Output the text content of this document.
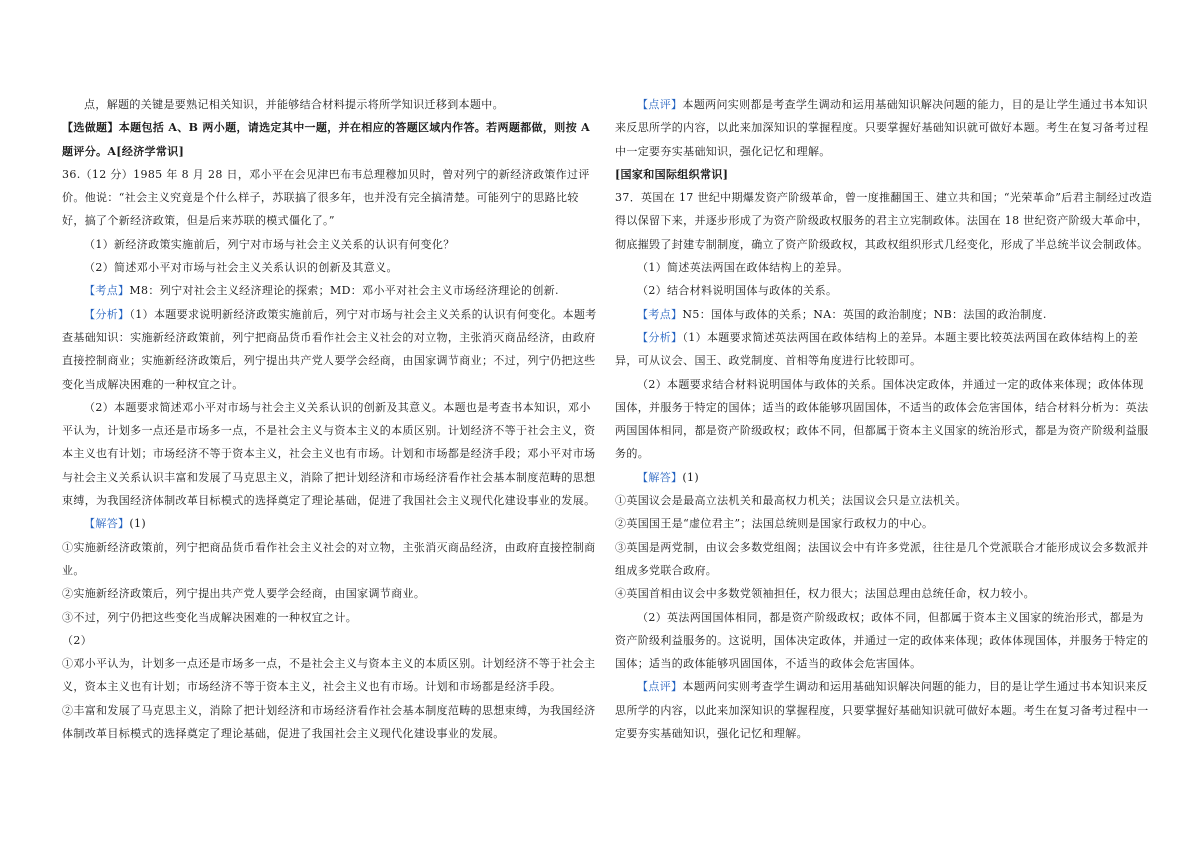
点，解题的关键是要熟记相关知识，并能够结合材料提示将所学知识迁移到本题中。

【选做题】本题包括 A、B 两小题，请选定其中一题，并在相应的答题区域内作答。若两题都做，则按 A 题评分。A[经济学常识]

36.（12 分）1985 年 8 月 28 日，邓小平在会见津巴布韦总理穆加贝时，曾对列宁的新经济政策作过评价。他说：“社会主义究竟是个什么样子，苏联搞了很多年，也并没有完全搞清楚。可能列宁的思路比较好，搞了个新经济政策，但是后来苏联的模式僵化了。”

（1）新经济政策实施前后，列宁对市场与社会主义关系的认识有何变化？

（2）简述邓小平对市场与社会主义关系认识的创新及其意义。

【考点】M8：列宁对社会主义经济理论的探索；MD：邓小平对社会主义市场经济理论的创新.

【分析】（1）本题要求说明新经济政策实施前后，列宁对市场与社会主义关系的认识有何变化。本题考查基础知识：实施新经济政策前，列宁把商品货币看作社会主义社会的对立物，主张消灭商品经济，由政府直接控制商业；实施新经济政策后，列宁提出共产党人要学会经商，由国家调节商业；不过，列宁仍把这些变化当成解决困难的一种权宜之计。

（2）本题要求简述邓小平对市场与社会主义关系认识的创新及其意义。本题也是考查书本知识，邓小平认为，计划多一点还是市场多一点，不是社会主义与资本主义的本质区别。计划经济不等于社会主义，资本主义也有计划；市场经济不等于资本主义，社会主义也有市场。计划和市场都是经济手段；邓小平对市场与社会主义关系认识丰富和发展了马克思主义，消除了把计划经济和市场经济看作社会基本制度范畴的思想束缚，为我国经济体制改革目标模式的选择奠定了理论基础，促进了我国社会主义现代化建设事业的发展。

【解答】(1)

①实施新经济政策前，列宁把商品货币看作社会主义社会的对立物，主张消灭商品经济，由政府直接控制商业。

②实施新经济政策后，列宁提出共产党人要学会经商，由国家调节商业。

③不过，列宁仍把这些变化当成解决困难的一种权宜之计。

（2）

①邓小平认为，计划多一点还是市场多一点，不是社会主义与资本主义的本质区别。计划经济不等于社会主义，资本主义也有计划；市场经济不等于资本主义，社会主义也有市场。计划和市场都是经济手段。

②丰富和发展了马克思主义，消除了把计划经济和市场经济看作社会基本制度范畴的思想束缚，为我国经济体制改革目标模式的选择奠定了理论基础，促进了我国社会主义现代化建设事业的发展。

【点评】本题两问实则都是考查学生调动和运用基础知识解决问题的能力，目的是让学生通过书本知识来反思所学的内容，以此来加深知识的掌握程度。只要掌握好基础知识就可做好本题。考生在复习备考过程中一定要夯实基础知识，强化记忆和理解。

[国家和国际组织常识]

37．英国在 17 世纪中期爆发资产阶级革命，曾一度推翻国王、建立共和国；“光荣革命”后君主制经过改造得以保留下来，并逐步形成了为资产阶级政权服务的君主立宪制政体。法国在 18 世纪资产阶级大革命中，彻底摧毁了封建专制制度，确立了资产阶级政权，其政权组织形式几经变化，形成了半总统半议会制政体。

（1）简述英法两国在政体结构上的差异。

（2）结合材料说明国体与政体的关系。

【考点】N5：国体与政体的关系；NA：英国的政治制度；NB：法国的政治制度.

【分析】（1）本题要求简述英法两国在政体结构上的差异。本题主要比较英法两国在政体结构上的差异，可从议会、国王、政党制度、首相等角度进行比较即可。

（2）本题要求结合材料说明国体与政体的关系。国体决定政体，并通过一定的政体来体现；政体体现国体，并服务于特定的国体；适当的政体能够巩固国体，不适当的政体会危害国体，结合材料分析为：英法两国国体相同，都是资产阶级政权；政体不同，但都属于资本主义国家的统治形式，都是为资产阶级利益服务的。

【解答】(1)

①英国议会是最高立法机关和最高权力机关；法国议会只是立法机关。

②英国国王是“虚位君主”；法国总统则是国家行政权力的中心。

③英国是两党制，由议会多数党组阁；法国议会中有许多党派，往往是几个党派联合才能形成议会多数派并组成多党联合政府。

④英国首相由议会中多数党领袖担任，权力很大；法国总理由总统任命，权力较小。

（2）英法两国国体相同，都是资产阶级政权；政体不同，但都属于资本主义国家的统治形式，都是为资产阶级利益服务的。这说明，国体决定政体，并通过一定的政体来体现；政体体现国体，并服务于特定的国体；适当的政体能够巩固国体，不适当的政体会危害国体。

【点评】本题两问实则考查学生调动和运用基础知识解决问题的能力，目的是让学生通过书本知识来反思所学的内容，以此来加深知识的掌握程度，只要掌握好基础知识就可做好本题。考生在复习备考过程中一定要夯实基础知识，强化记忆和理解。
